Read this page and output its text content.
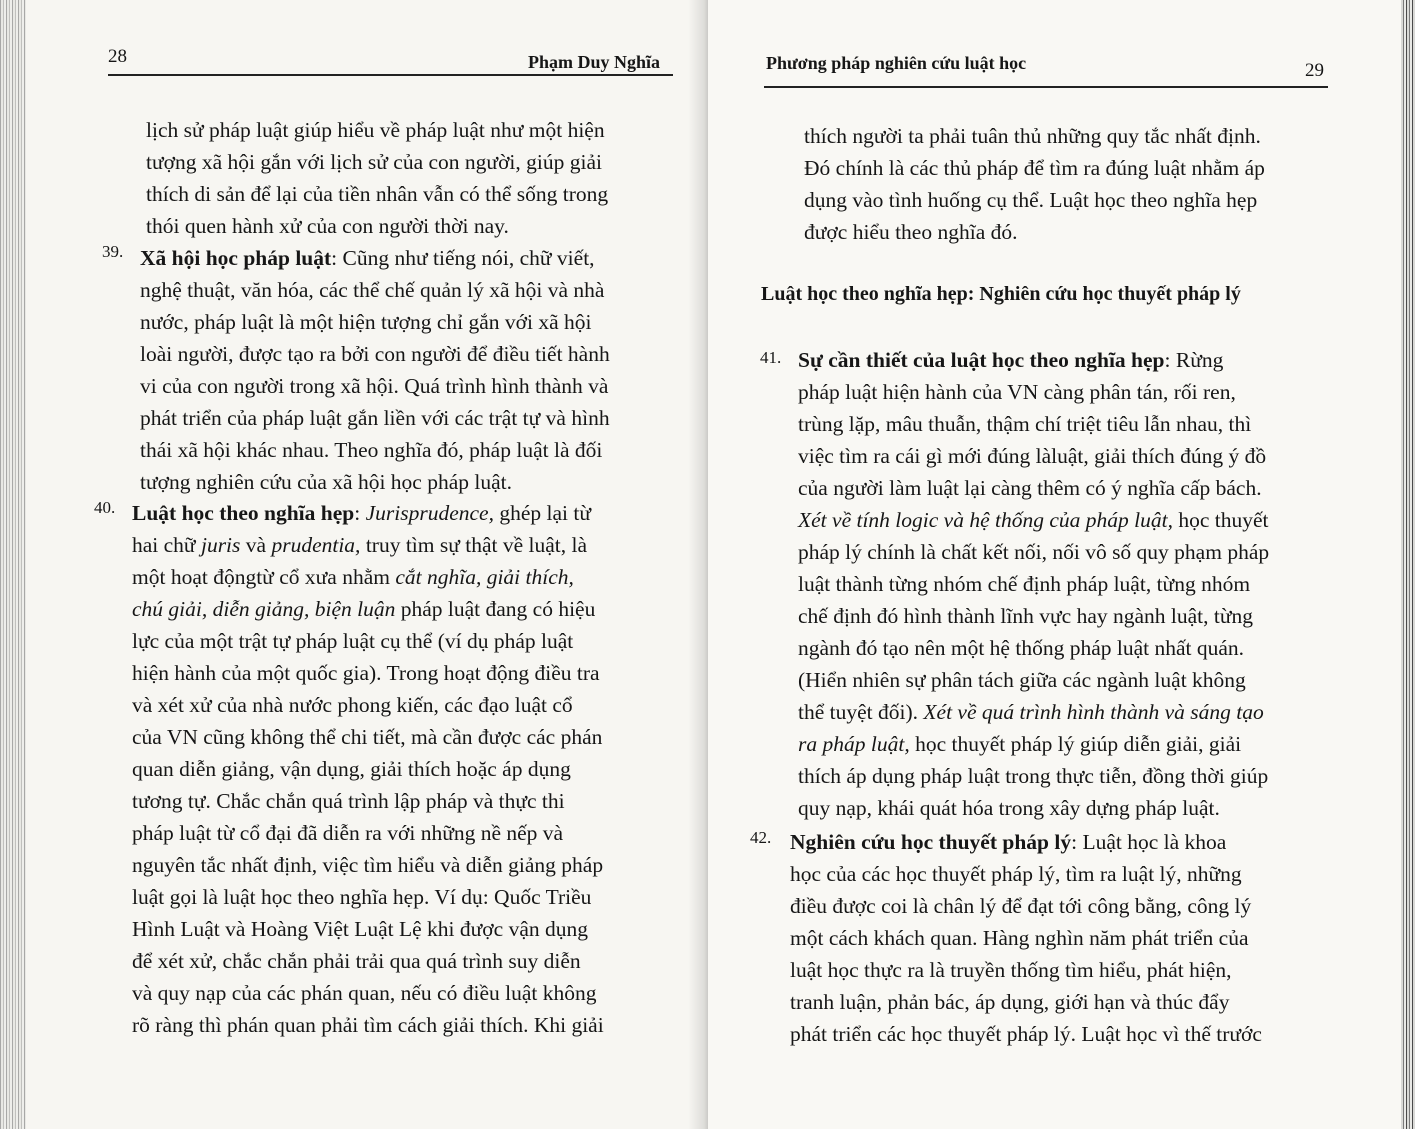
28	Phạm Duy Nghĩa
lịch sử pháp luật giúp hiểu về pháp luật như một hiện
tượng xã hội gắn với lịch sử của con người, giúp giải
thích di sản để lại của tiền nhân vẫn có thể sống trong
thói quen hành xử của con người thời nay.
39. Xã hội học pháp luật: Cũng như tiếng nói, chữ viết,
nghệ thuật, văn hóa, các thể chế quản lý xã hội và nhà
nước, pháp luật là một hiện tượng chỉ gắn với xã hội
loài người, được tạo ra bởi con người để điều tiết hành
vi của con người trong xã hội. Quá trình hình thành và
phát triển của pháp luật gắn liền với các trật tự và hình
thái xã hội khác nhau. Theo nghĩa đó, pháp luật là đối
tượng nghiên cứu của xã hội học pháp luật.
40. Luật học theo nghĩa hẹp: Jurisprudence, ghép lại từ
hai chữ juris và prudentia, truy tìm sự thật về luật, là
một hoạt độngtừ cổ xưa nhằm cắt nghĩa, giải thích,
chú giải, diễn giảng, biện luận pháp luật đang có hiệu
lực của một trật tự pháp luật cụ thể (ví dụ pháp luật
hiện hành của một quốc gia). Trong hoạt động điều tra
và xét xử của nhà nước phong kiến, các đạo luật cổ
của VN cũng không thể chi tiết, mà cần được các phán
quan diễn giảng, vận dụng, giải thích hoặc áp dụng
tương tự. Chắc chắn quá trình lập pháp và thực thi
pháp luật từ cổ đại đã diễn ra với những nề nếp và
nguyên tắc nhất định, việc tìm hiểu và diễn giảng pháp
luật gọi là luật học theo nghĩa hẹp. Ví dụ: Quốc Triều
Hình Luật và Hoàng Việt Luật Lệ khi được vận dụng
để xét xử, chắc chắn phải trải qua quá trình suy diễn
và quy nạp của các phán quan, nếu có điều luật không
rõ ràng thì phán quan phải tìm cách giải thích. Khi giải
Phương pháp nghiên cứu luật học	29
thích người ta phải tuân thủ những quy tắc nhất định.
Đó chính là các thủ pháp để tìm ra đúng luật nhằm áp
dụng vào tình huống cụ thể. Luật học theo nghĩa hẹp
được hiểu theo nghĩa đó.
Luật học theo nghĩa hẹp: Nghiên cứu học thuyết pháp lý
41. Sự cần thiết của luật học theo nghĩa hẹp: Rừng
pháp luật hiện hành của VN càng phân tán, rối ren,
trùng lặp, mâu thuẫn, thậm chí triệt tiêu lẫn nhau, thì
việc tìm ra cái gì mới đúng làluật, giải thích đúng ý đồ
của người làm luật lại càng thêm có ý nghĩa cấp bách.
Xét về tính logic và hệ thống của pháp luật, học thuyết
pháp lý chính là chất kết nối, nối vô số quy phạm pháp
luật thành từng nhóm chế định pháp luật, từng nhóm
chế định đó hình thành lĩnh vực hay ngành luật, từng
ngành đó tạo nên một hệ thống pháp luật nhất quán.
(Hiển nhiên sự phân tách giữa các ngành luật không
thể tuyệt đối). Xét về quá trình hình thành và sáng tạo
ra pháp luật, học thuyết pháp lý giúp diễn giải, giải
thích áp dụng pháp luật trong thực tiễn, đồng thời giúp
quy nạp, khái quát hóa trong xây dựng pháp luật.
42. Nghiên cứu học thuyết pháp lý: Luật học là khoa
học của các học thuyết pháp lý, tìm ra luật lý, những
điều được coi là chân lý để đạt tới công bằng, công lý
một cách khách quan. Hàng nghìn năm phát triển của
luật học thực ra là truyền thống tìm hiểu, phát hiện,
tranh luận, phản bác, áp dụng, giới hạn và thúc đẩy
phát triển các học thuyết pháp lý. Luật học vì thế trước
